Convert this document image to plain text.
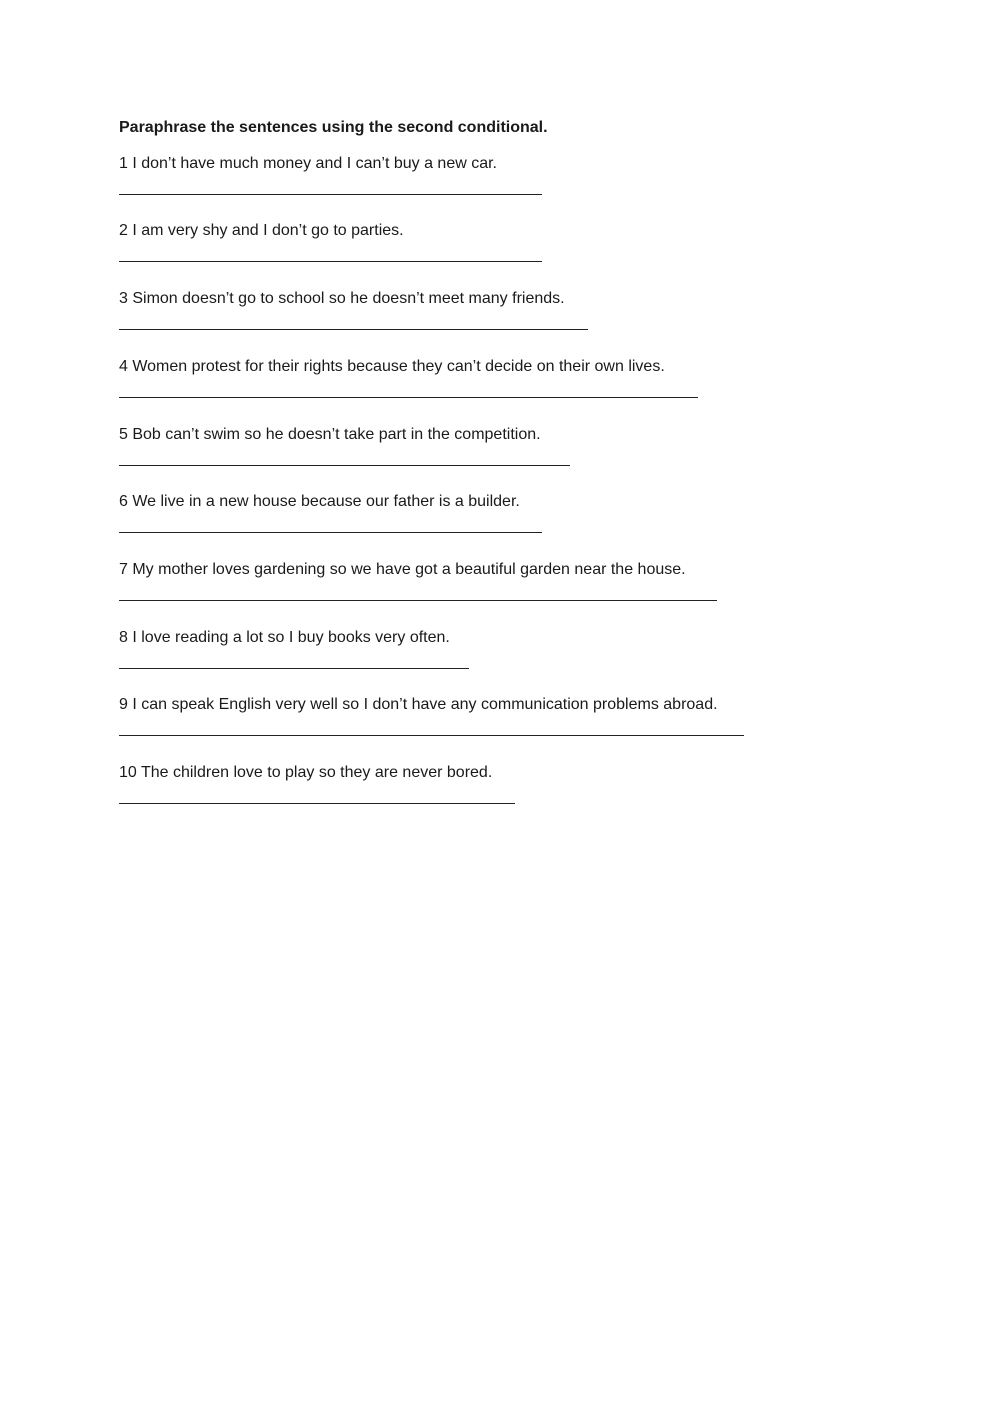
Paraphrase the sentences using the second conditional.

1 I don’t have much money and I can’t buy a new car.

2 I am very shy and I don’t go to parties.

3 Simon doesn’t go to school so he doesn’t meet many friends.

4 Women protest for their rights because they can’t decide on their own lives.

5 Bob can’t swim so he doesn’t take part in the competition.

6 We live in a new house because our father is a builder.

7 My mother loves gardening so we have got a beautiful garden near the house.

8 I love reading a lot so I buy books very often.

9 I can speak English very well so I don’t have any communication problems abroad.

10 The children love to play so they are never bored.
